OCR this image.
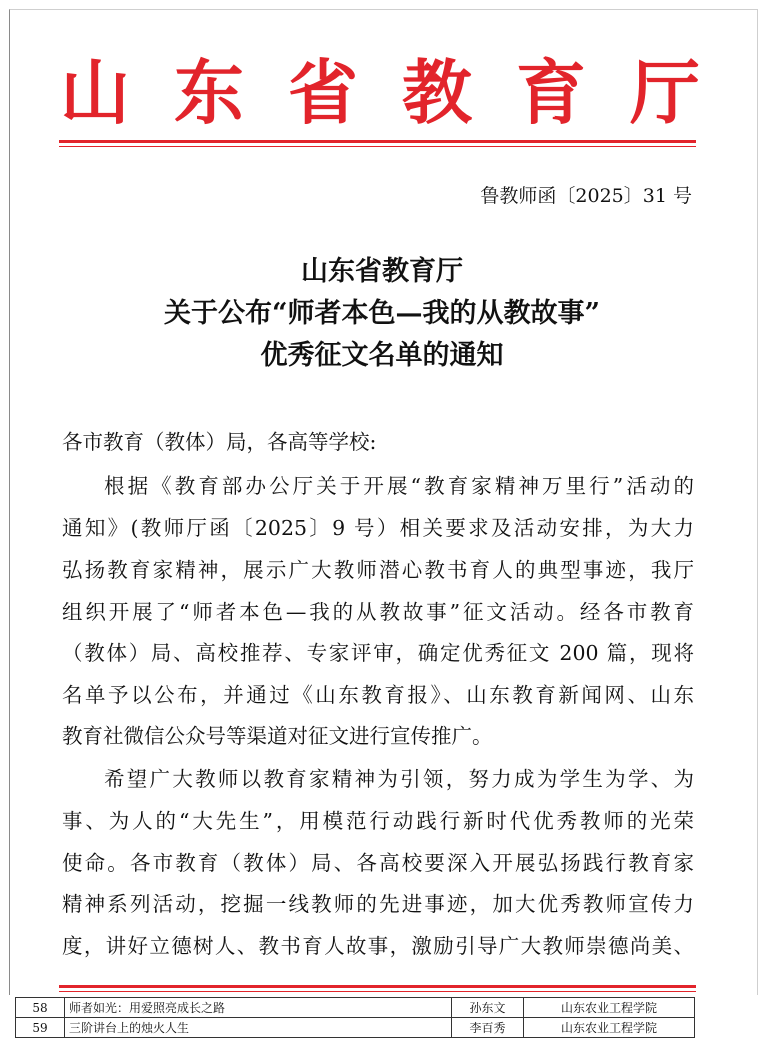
山东省教育厅
鲁教师函〔2025〕31 号
山东省教育厅
关于公布“师者本色—我的从教故事”
优秀征文名单的通知
各市教育（教体）局，各高等学校:
根据《教育部办公厅关于开展“教育家精神万里行”活动的
通知》(教师厅函〔2025〕9 号）相关要求及活动安排，为大力
弘扬教育家精神，展示广大教师潜心教书育人的典型事迹，我厅
组织开展了“师者本色—我的从教故事”征文活动。经各市教育
（教体）局、高校推荐、专家评审，确定优秀征文 200 篇，现将
名单予以公布，并通过《山东教育报》、山东教育新闻网、山东
教育社微信公众号等渠道对征文进行宣传推广。
希望广大教师以教育家精神为引领，努力成为学生为学、为
事、为人的“大先生”，用模范行动践行新时代优秀教师的光荣
使命。各市教育（教体）局、各高校要深入开展弘扬践行教育家
精神系列活动，挖掘一线教师的先进事迹，加大优秀教师宣传力
度，讲好立德树人、教书育人故事，激励引导广大教师崇德尚美、
58	师者如光：用爱照亮成长之路	孙东文	山东农业工程学院
59	三阶讲台上的烛火人生	李百秀	山东农业工程学院
